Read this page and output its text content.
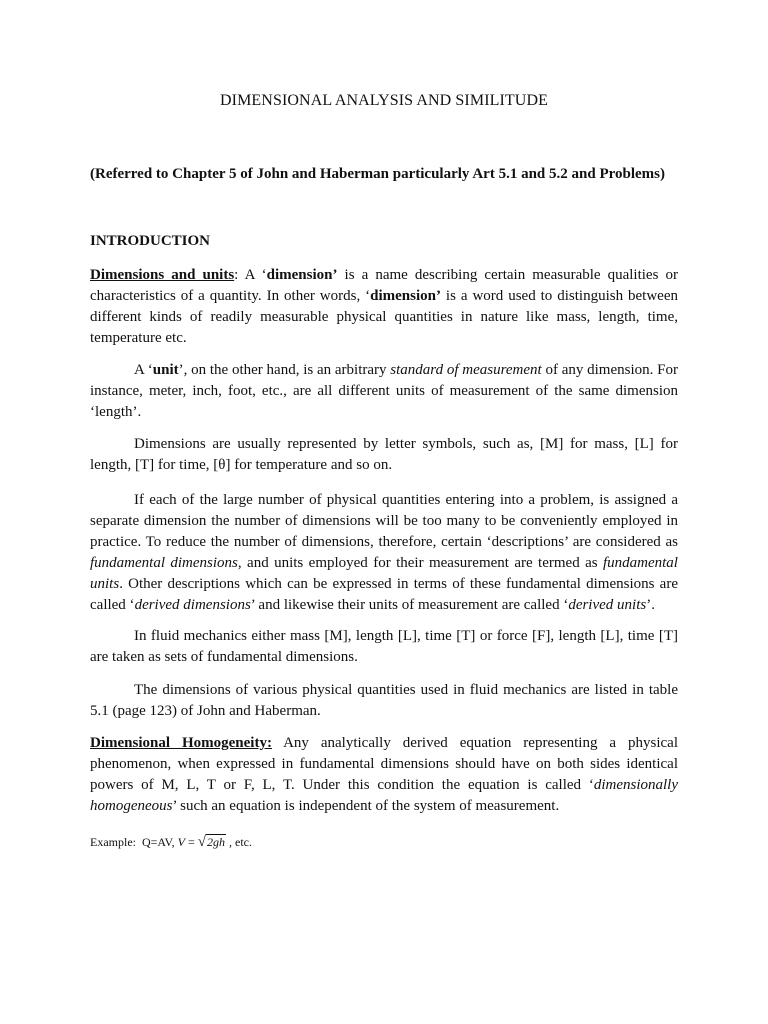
DIMENSIONAL ANALYSIS AND SIMILITUDE
(Referred to Chapter 5 of John and Haberman particularly Art 5.1 and 5.2 and Problems)
INTRODUCTION

Dimensions and units: A ‘dimension’ is a name describing certain measurable qualities or characteristics of a quantity. In other words, ‘dimension’ is a word used to distinguish between different kinds of readily measurable physical quantities in nature like mass, length, time, temperature etc.

A ‘unit’, on the other hand, is an arbitrary standard of measurement of any dimension. For instance, meter, inch, foot, etc., are all different units of measurement of the same dimension ‘length’.

Dimensions are usually represented by letter symbols, such as, [M] for mass, [L] for length, [T] for time, [θ] for temperature and so on.

If each of the large number of physical quantities entering into a problem, is assigned a separate dimension the number of dimensions will be too many to be conveniently employed in practice. To reduce the number of dimensions, therefore, certain ‘descriptions’ are considered as fundamental dimensions, and units employed for their measurement are termed as fundamental units. Other descriptions which can be expressed in terms of these fundamental dimensions are called ‘derived dimensions’ and likewise their units of measurement are called ‘derived units’.

In fluid mechanics either mass [M], length [L], time [T] or force [F], length [L], time [T] are taken as sets of fundamental dimensions.

The dimensions of various physical quantities used in fluid mechanics are listed in table 5.1 (page 123) of John and Haberman.

Dimensional Homogeneity: Any analytically derived equation representing a physical phenomenon, when expressed in fundamental dimensions should have on both sides identical powers of M, L, T or F, L, T. Under this condition the equation is called ‘dimensionally homogeneous’ such an equation is independent of the system of measurement.

Example: Q=AV, V = √2gh , etc.
